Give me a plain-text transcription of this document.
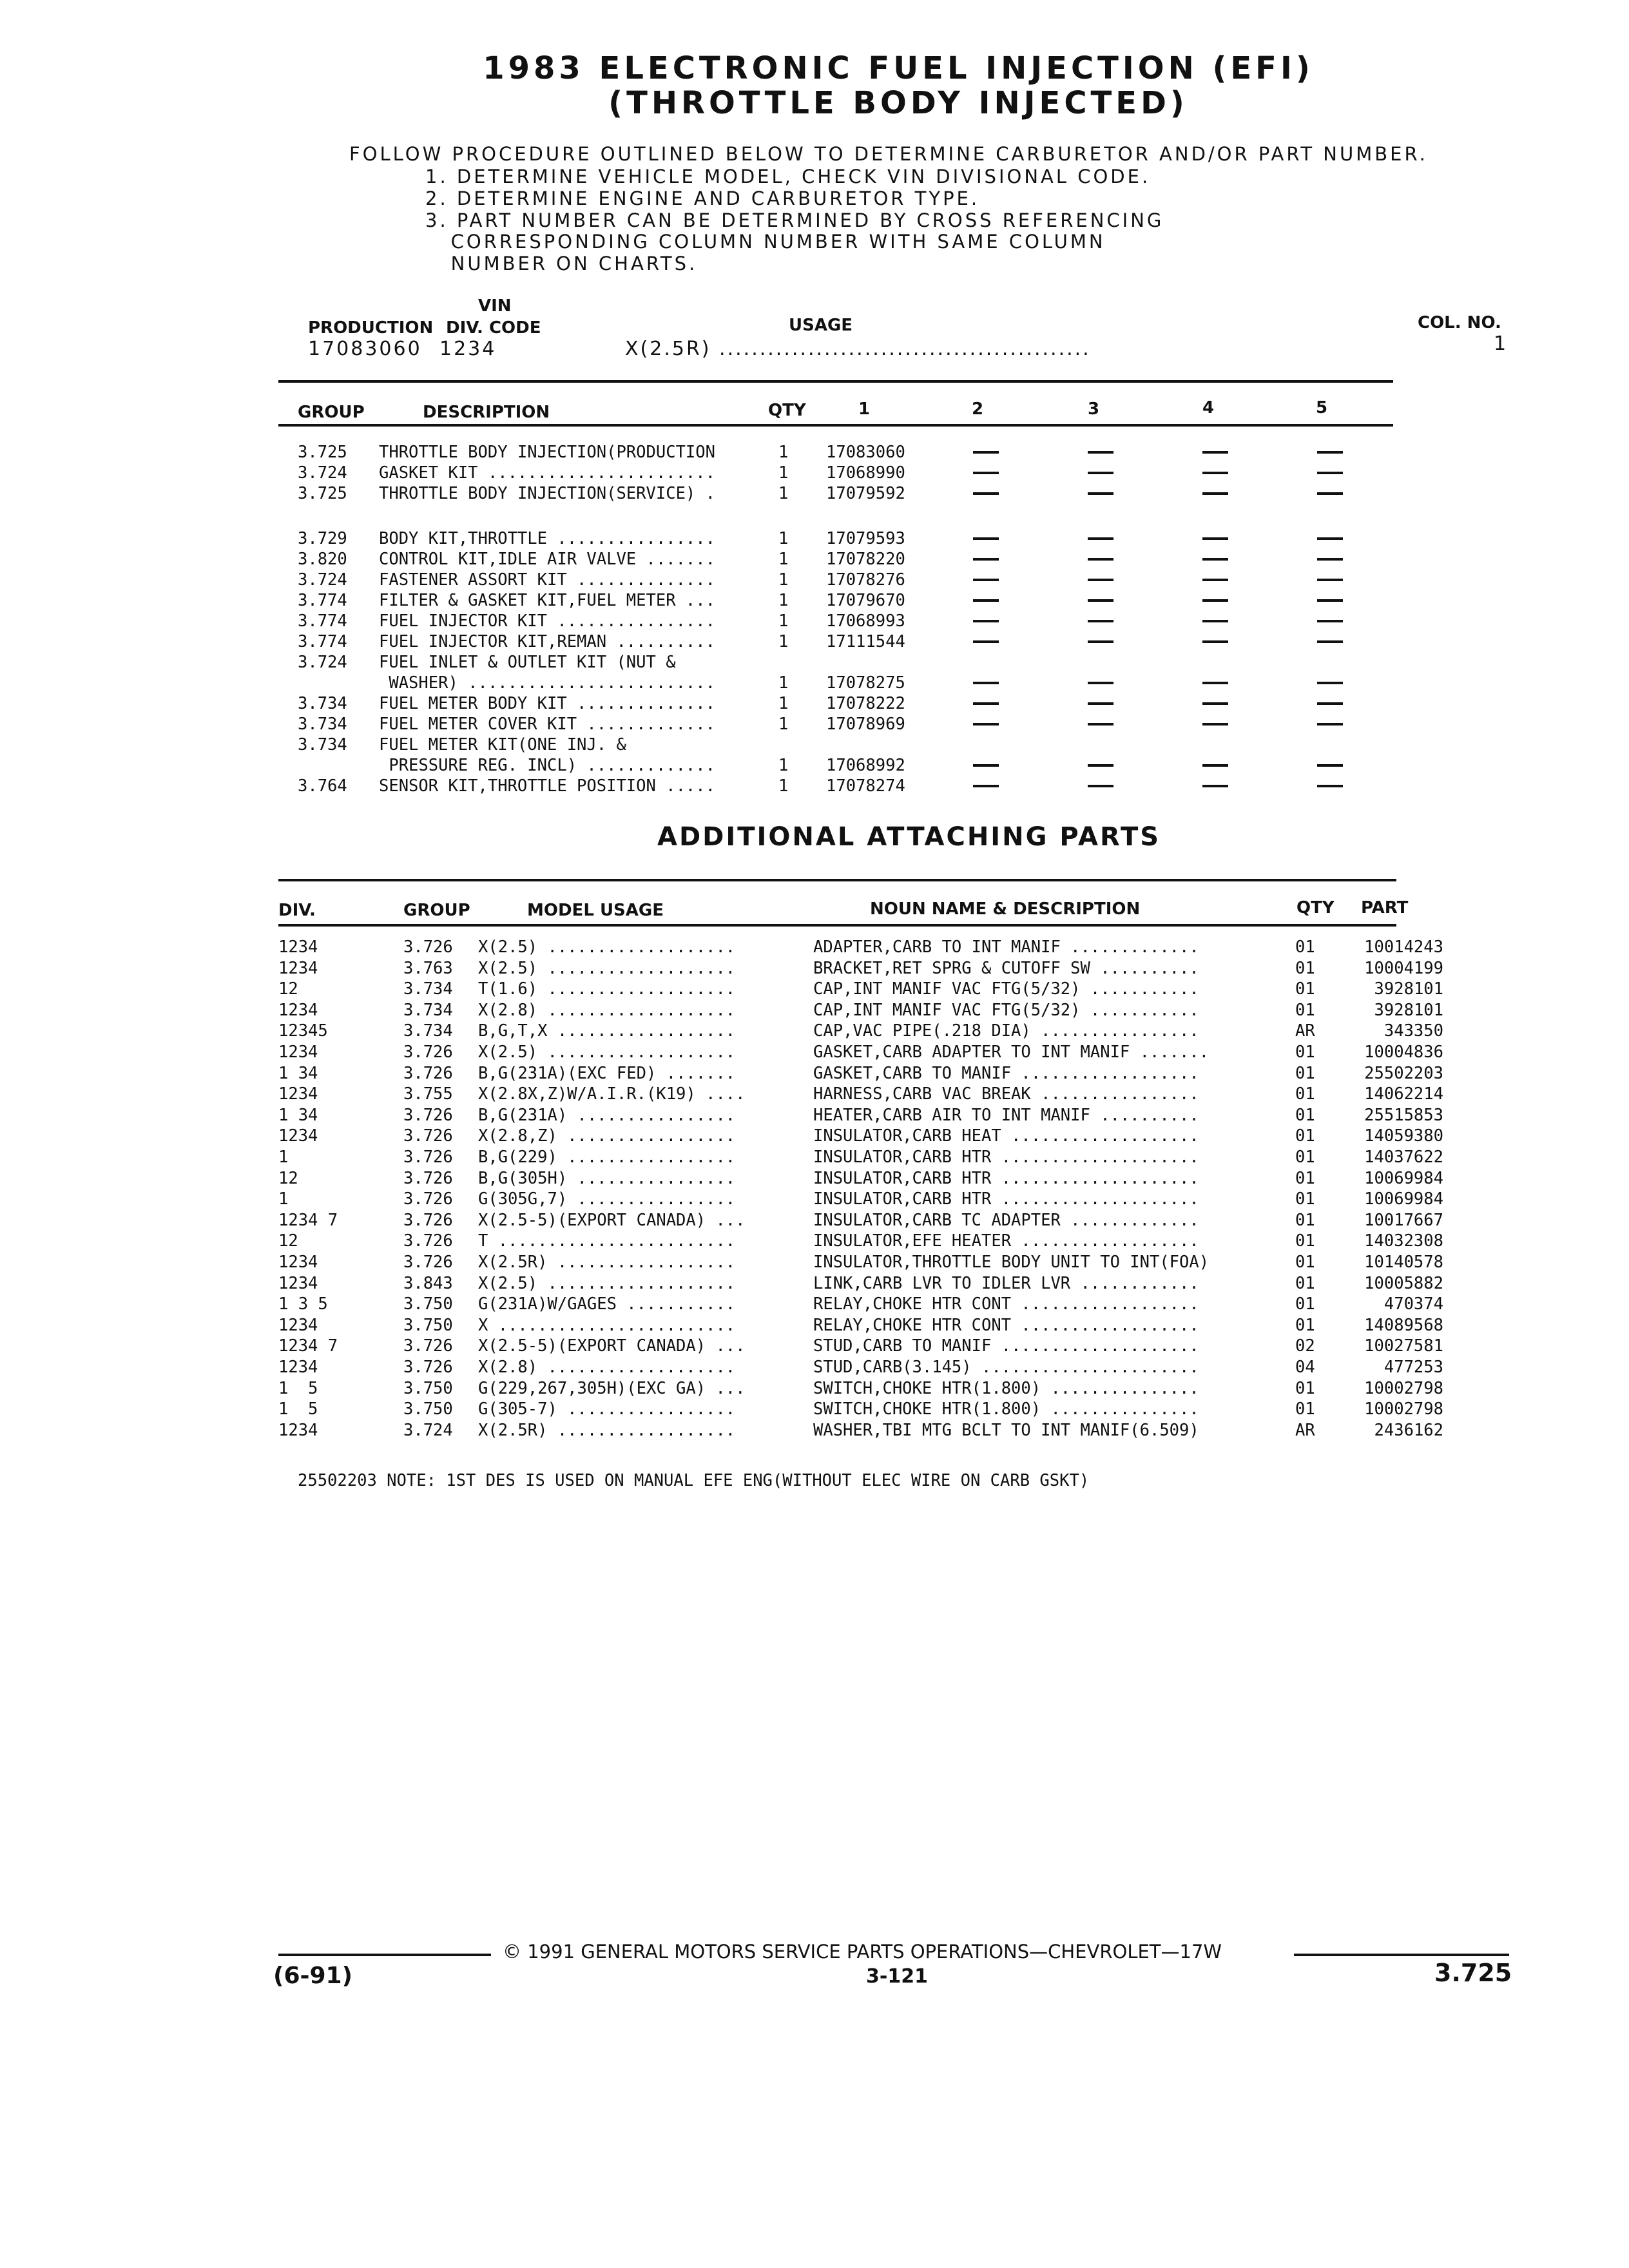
1983 ELECTRONIC FUEL INJECTION (EFI)
(THROTTLE BODY INJECTED)
FOLLOW PROCEDURE OUTLINED BELOW TO DETERMINE CARBURETOR AND/OR PART NUMBER.
1. DETERMINE VEHICLE MODEL, CHECK VIN DIVISIONAL CODE.
2. DETERMINE ENGINE AND CARBURETOR TYPE.
3. PART NUMBER CAN BE DETERMINED BY CROSS REFERENCING
CORRESPONDING COLUMN NUMBER WITH SAME COLUMN
NUMBER ON CHARTS.
VIN
PRODUCTION DIV. CODE	USAGE	COL. NO.
17083060 1234	X(2.5R) ..............................................	1
GROUP	DESCRIPTION	QTY	1	2	3	4	5
3.725 THROTTLE BODY INJECTION(PRODUCTION	1 17083060
3.724 GASKET KIT .......................	1 17068990
3.725 THROTTLE BODY INJECTION(SERVICE) .	1 17079592
3.729 BODY KIT,THROTTLE ................	1 17079593
3.820 CONTROL KIT,IDLE AIR VALVE .......	1 17078220
3.724 FASTENER ASSORT KIT ..............	1 17078276
3.774 FILTER & GASKET KIT,FUEL METER ...	1 17079670
3.774 FUEL INJECTOR KIT ................	1 17068993
3.774 FUEL INJECTOR KIT,REMAN ..........	1 17111544
3.724 FUEL INLET & OUTLET KIT (NUT &
WASHER) .........................	1 17078275
3.734 FUEL METER BODY KIT ..............	1 17078222
3.734 FUEL METER COVER KIT .............	1 17078969
3.734 FUEL METER KIT(ONE INJ. &
PRESSURE REG. INCL) .............	1 17068992
3.764 SENSOR KIT,THROTTLE POSITION .....	1 17078274
ADDITIONAL ATTACHING PARTS
DIV.	GROUP	MODEL USAGE	NOUN NAME & DESCRIPTION	QTY PART
1234	3.726 X(2.5) ...................	ADAPTER,CARB TO INT MANIF .............	01	10014243
1234	3.763 X(2.5) ...................	BRACKET,RET SPRG & CUTOFF SW ..........	01	10004199
12	3.734 T(1.6) ...................	CAP,INT MANIF VAC FTG(5/32) ...........	01	3928101
1234	3.734 X(2.8) ...................	CAP,INT MANIF VAC FTG(5/32) ...........	01	3928101
12345	3.734 B,G,T,X ..................	CAP,VAC PIPE(.218 DIA) ................	AR	343350
1234	3.726 X(2.5) ...................	GASKET,CARB ADAPTER TO INT MANIF .......	01	10004836
1 34	3.726 B,G(231A)(EXC FED) .......	GASKET,CARB TO MANIF ..................	01	25502203
1234	3.755 X(2.8X,Z)W/A.I.R.(K19) ....	HARNESS,CARB VAC BREAK ................	01	14062214
1 34	3.726 B,G(231A) ................	HEATER,CARB AIR TO INT MANIF ..........	01	25515853
1234	3.726 X(2.8,Z) .................	INSULATOR,CARB HEAT ...................	01	14059380
1	3.726 B,G(229) .................	INSULATOR,CARB HTR ....................	01	14037622
12	3.726 B,G(305H) ................	INSULATOR,CARB HTR ....................	01	10069984
1	3.726 G(305G,7) ................	INSULATOR,CARB HTR ....................	01	10069984
1234 7	3.726 X(2.5-5)(EXPORT CANADA) ...	INSULATOR,CARB TC ADAPTER .............	01	10017667
12	3.726 T ........................	INSULATOR,EFE HEATER ..................	01	14032308
1234	3.726 X(2.5R) ..................	INSULATOR,THROTTLE BODY UNIT TO INT(FOA)	01	10140578
1234	3.843 X(2.5) ...................	LINK,CARB LVR TO IDLER LVR ............	01	10005882
1 3 5	3.750 G(231A)W/GAGES ...........	RELAY,CHOKE HTR CONT ..................	01	470374
1234	3.750 X ........................	RELAY,CHOKE HTR CONT ..................	01	14089568
1234 7	3.726 X(2.5-5)(EXPORT CANADA) ...	STUD,CARB TO MANIF ....................	02	10027581
1234	3.726 X(2.8) ...................	STUD,CARB(3.145) ......................	04	477253
1  5	3.750 G(229,267,305H)(EXC GA) ...	SWITCH,CHOKE HTR(1.800) ...............	01	10002798
1  5	3.750 G(305-7) .................	SWITCH,CHOKE HTR(1.800) ...............	01	10002798
1234	3.724 X(2.5R) ..................	WASHER,TBI MTG BCLT TO INT MANIF(6.509)	AR	2436162
25502203 NOTE: 1ST DES IS USED ON MANUAL EFE ENG(WITHOUT ELEC WIRE ON CARB GSKT)
© 1991 GENERAL MOTORS SERVICE PARTS OPERATIONS—CHEVROLET—17W
(6-91)	3-121	3.725
